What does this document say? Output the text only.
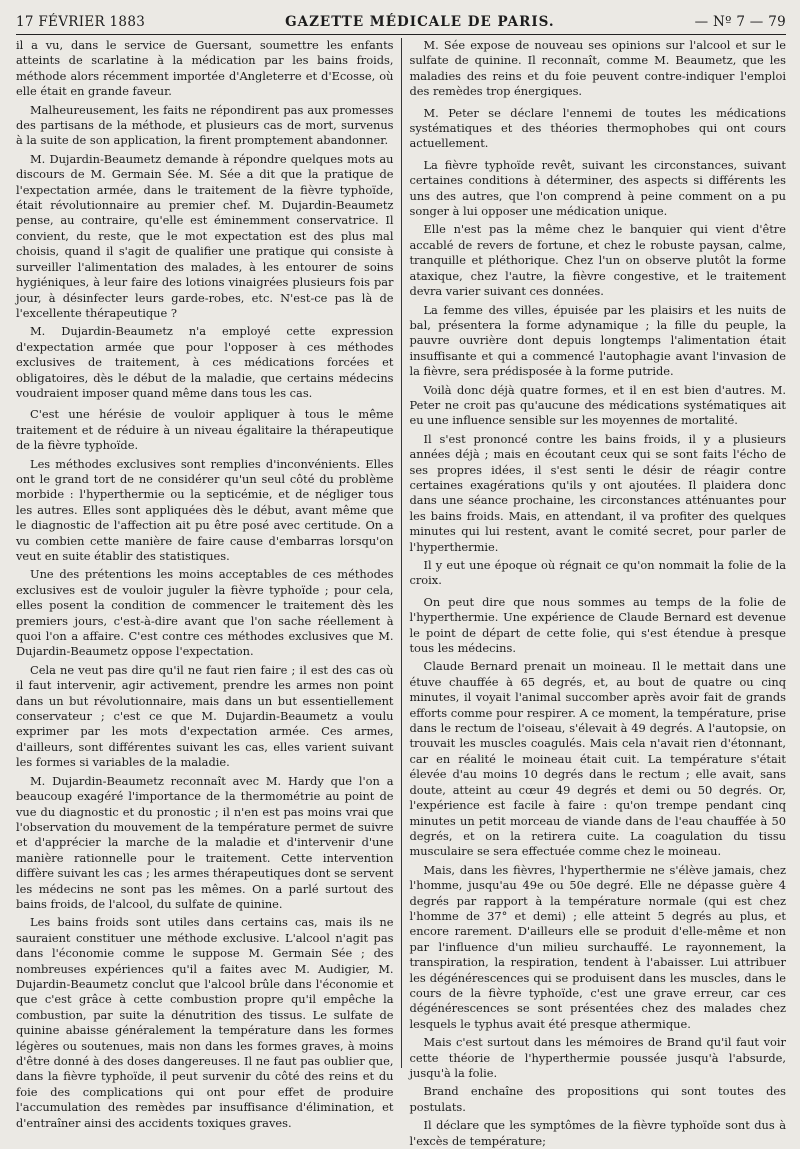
17 FÉVRIER 1883	GAZETTE MÉDICALE DE PARIS.	— Nº 7 — 79

il a vu, dans le service de Guersant, soumettre les enfants atteints de scarlatine à la médication par les bains froids, méthode alors récemment importée d'Angleterre et d'Ecosse, où elle était en grande faveur.

Malheureusement, les faits ne répondirent pas aux promesses des partisans de la méthode, et plusieurs cas de mort, survenus à la suite de son application, la firent promptement abandonner.

M. Dujardin-Beaumetz demande à répondre quelques mots au discours de M. Germain Sée. M. Sée a dit que la pratique de l'expectation armée, dans le traitement de la fièvre typhoïde, était révolutionnaire au premier chef. M. Dujardin-Beaumetz pense, au contraire, qu'elle est éminemment conservatrice. Il convient, du reste, que le mot expectation est des plus mal choisis, quand il s'agit de qualifier une pratique qui consiste à surveiller l'alimentation des malades, à les entourer de soins hygiéniques, à leur faire des lotions vinaigrées plusieurs fois par jour, à désinfecter leurs garde-robes, etc. N'est-ce pas là de l'excellente thérapeutique ?

M. Dujardin-Beaumetz n'a employé cette expression d'expectation armée que pour l'opposer à ces méthodes exclusives de traitement, à ces médications forcées et obligatoires, dès le début de la maladie, que certains médecins voudraient imposer quand même dans tous les cas.

C'est une hérésie de vouloir appliquer à tous le même traitement et de réduire à un niveau égalitaire la thérapeutique de la fièvre typhoïde.

Les méthodes exclusives sont remplies d'inconvénients. Elles ont le grand tort de ne considérer qu'un seul côté du problème morbide : l'hyperthermie ou la septicémie, et de négliger tous les autres. Elles sont appliquées dès le début, avant même que le diagnostic de l'affection ait pu être posé avec certitude. On a vu combien cette manière de faire cause d'embarras lorsqu'on veut en suite établir des statistiques.

Une des prétentions les moins acceptables de ces méthodes exclusives est de vouloir juguler la fièvre typhoïde ; pour cela, elles posent la condition de commencer le traitement dès les premiers jours, c'est-à-dire avant que l'on sache réellement à quoi l'on a affaire. C'est contre ces méthodes exclusives que M. Dujardin-Beaumetz oppose l'expectation.

Cela ne veut pas dire qu'il ne faut rien faire ; il est des cas où il faut intervenir, agir activement, prendre les armes non point dans un but révolutionnaire, mais dans un but essentiellement conservateur ; c'est ce que M. Dujardin-Beaumetz a voulu exprimer par les mots d'expectation armée. Ces armes, d'ailleurs, sont différentes suivant les cas, elles varient suivant les formes si variables de la maladie.

M. Dujardin-Beaumetz reconnaît avec M. Hardy que l'on a beaucoup exagéré l'importance de la thermométrie au point de vue du diagnostic et du pronostic ; il n'en est pas moins vrai que l'observation du mouvement de la température permet de suivre et d'apprécier la marche de la maladie et d'intervenir d'une manière rationnelle pour le traitement. Cette intervention diffère suivant les cas ; les armes thérapeutiques dont se servent les médecins ne sont pas les mêmes. On a parlé surtout des bains froids, de l'alcool, du sulfate de quinine.

Les bains froids sont utiles dans certains cas, mais ils ne sauraient constituer une méthode exclusive. L'alcool n'agit pas dans l'économie comme le suppose M. Germain Sée ; des nombreuses expériences qu'il a faites avec M. Audigier, M. Dujardin-Beaumetz conclut que l'alcool brûle dans l'économie et que c'est grâce à cette combustion propre qu'il empêche la combustion, par suite la dénutrition des tissus. Le sulfate de quinine abaisse généralement la température dans les formes légères ou soutenues, mais non dans les formes graves, à moins d'être donné à des doses dangereuses. Il ne faut pas oublier que, dans la fièvre typhoïde, il peut survenir du côté des reins et du foie des complications qui ont pour effet de produire l'accumulation des remèdes par insuffisance d'élimination, et d'entraîner ainsi des accidents toxiques graves.

M. Sée expose de nouveau ses opinions sur l'alcool et sur le sulfate de quinine. Il reconnaît, comme M. Beaumetz, que les maladies des reins et du foie peuvent contre-indiquer l'emploi des remèdes trop énergiques.

M. Peter se déclare l'ennemi de toutes les médications systématiques et des théories thermophobes qui ont cours actuellement.

La fièvre typhoïde revêt, suivant les circonstances, suivant certaines conditions à déterminer, des aspects si différents les uns des autres, que l'on comprend à peine comment on a pu songer à lui opposer une médication unique.

Elle n'est pas la même chez le banquier qui vient d'être accablé de revers de fortune, et chez le robuste paysan, calme, tranquille et pléthorique. Chez l'un on observe plutôt la forme ataxique, chez l'autre, la fièvre congestive, et le traitement devra varier suivant ces données.

La femme des villes, épuisée par les plaisirs et les nuits de bal, présentera la forme adynamique ; la fille du peuple, la pauvre ouvrière dont depuis longtemps l'alimentation était insuffisante et qui a commencé l'autophagie avant l'invasion de la fièvre, sera prédisposée à la forme putride.

Voilà donc déjà quatre formes, et il en est bien d'autres. M. Peter ne croit pas qu'aucune des médications systématiques ait eu une influence sensible sur les moyennes de mortalité.

Il s'est prononcé contre les bains froids, il y a plusieurs années déjà ; mais en écoutant ceux qui se sont faits l'écho de ses propres idées, il s'est senti le désir de réagir contre certaines exagérations qu'ils y ont ajoutées. Il plaidera donc dans une séance prochaine, les circonstances atténuantes pour les bains froids. Mais, en attendant, il va profiter des quelques minutes qui lui restent, avant le comité secret, pour parler de l'hyperthermie.

Il y eut une époque où régnait ce qu'on nommait la folie de la croix.

On peut dire que nous sommes au temps de la folie de l'hyperthermie. Une expérience de Claude Bernard est devenue le point de départ de cette folie, qui s'est étendue à presque tous les médecins.

Claude Bernard prenait un moineau. Il le mettait dans une étuve chauffée à 65 degrés, et, au bout de quatre ou cinq minutes, il voyait l'animal succomber après avoir fait de grands efforts comme pour respirer. A ce moment, la température, prise dans le rectum de l'oiseau, s'élevait à 49 degrés. A l'autopsie, on trouvait les muscles coagulés. Mais cela n'avait rien d'étonnant, car en réalité le moineau était cuit. La température s'était élevée d'au moins 10 degrés dans le rectum ; elle avait, sans doute, atteint au cœur 49 degrés et demi ou 50 degrés. Or, l'expérience est facile à faire : qu'on trempe pendant cinq minutes un petit morceau de viande dans de l'eau chauffée à 50 degrés, et on la retirera cuite. La coagulation du tissu musculaire se sera effectuée comme chez le moineau.

Mais, dans les fièvres, l'hyperthermie ne s'élève jamais, chez l'homme, jusqu'au 49e ou 50e degré. Elle ne dépasse guère 4 degrés par rapport à la température normale (qui est chez l'homme de 37° et demi) ; elle atteint 5 degrés au plus, et encore rarement. D'ailleurs elle se produit d'elle-même et non par l'influence d'un milieu surchauffé. Le rayonnement, la transpiration, la respiration, tendent à l'abaisser. Lui attribuer les dégénérescences qui se produisent dans les muscles, dans le cours de la fièvre typhoïde, c'est une grave erreur, car ces dégénérescences se sont présentées chez des malades chez lesquels le typhus avait été presque athermique.

Mais c'est surtout dans les mémoires de Brand qu'il faut voir cette théorie de l'hyperthermie poussée jusqu'à l'absurde, jusqu'à la folie.

Brand enchaîne des propositions qui sont toutes des postulats.

Il déclare que les symptômes de la fièvre typhoïde sont dus à l'excès de température;
